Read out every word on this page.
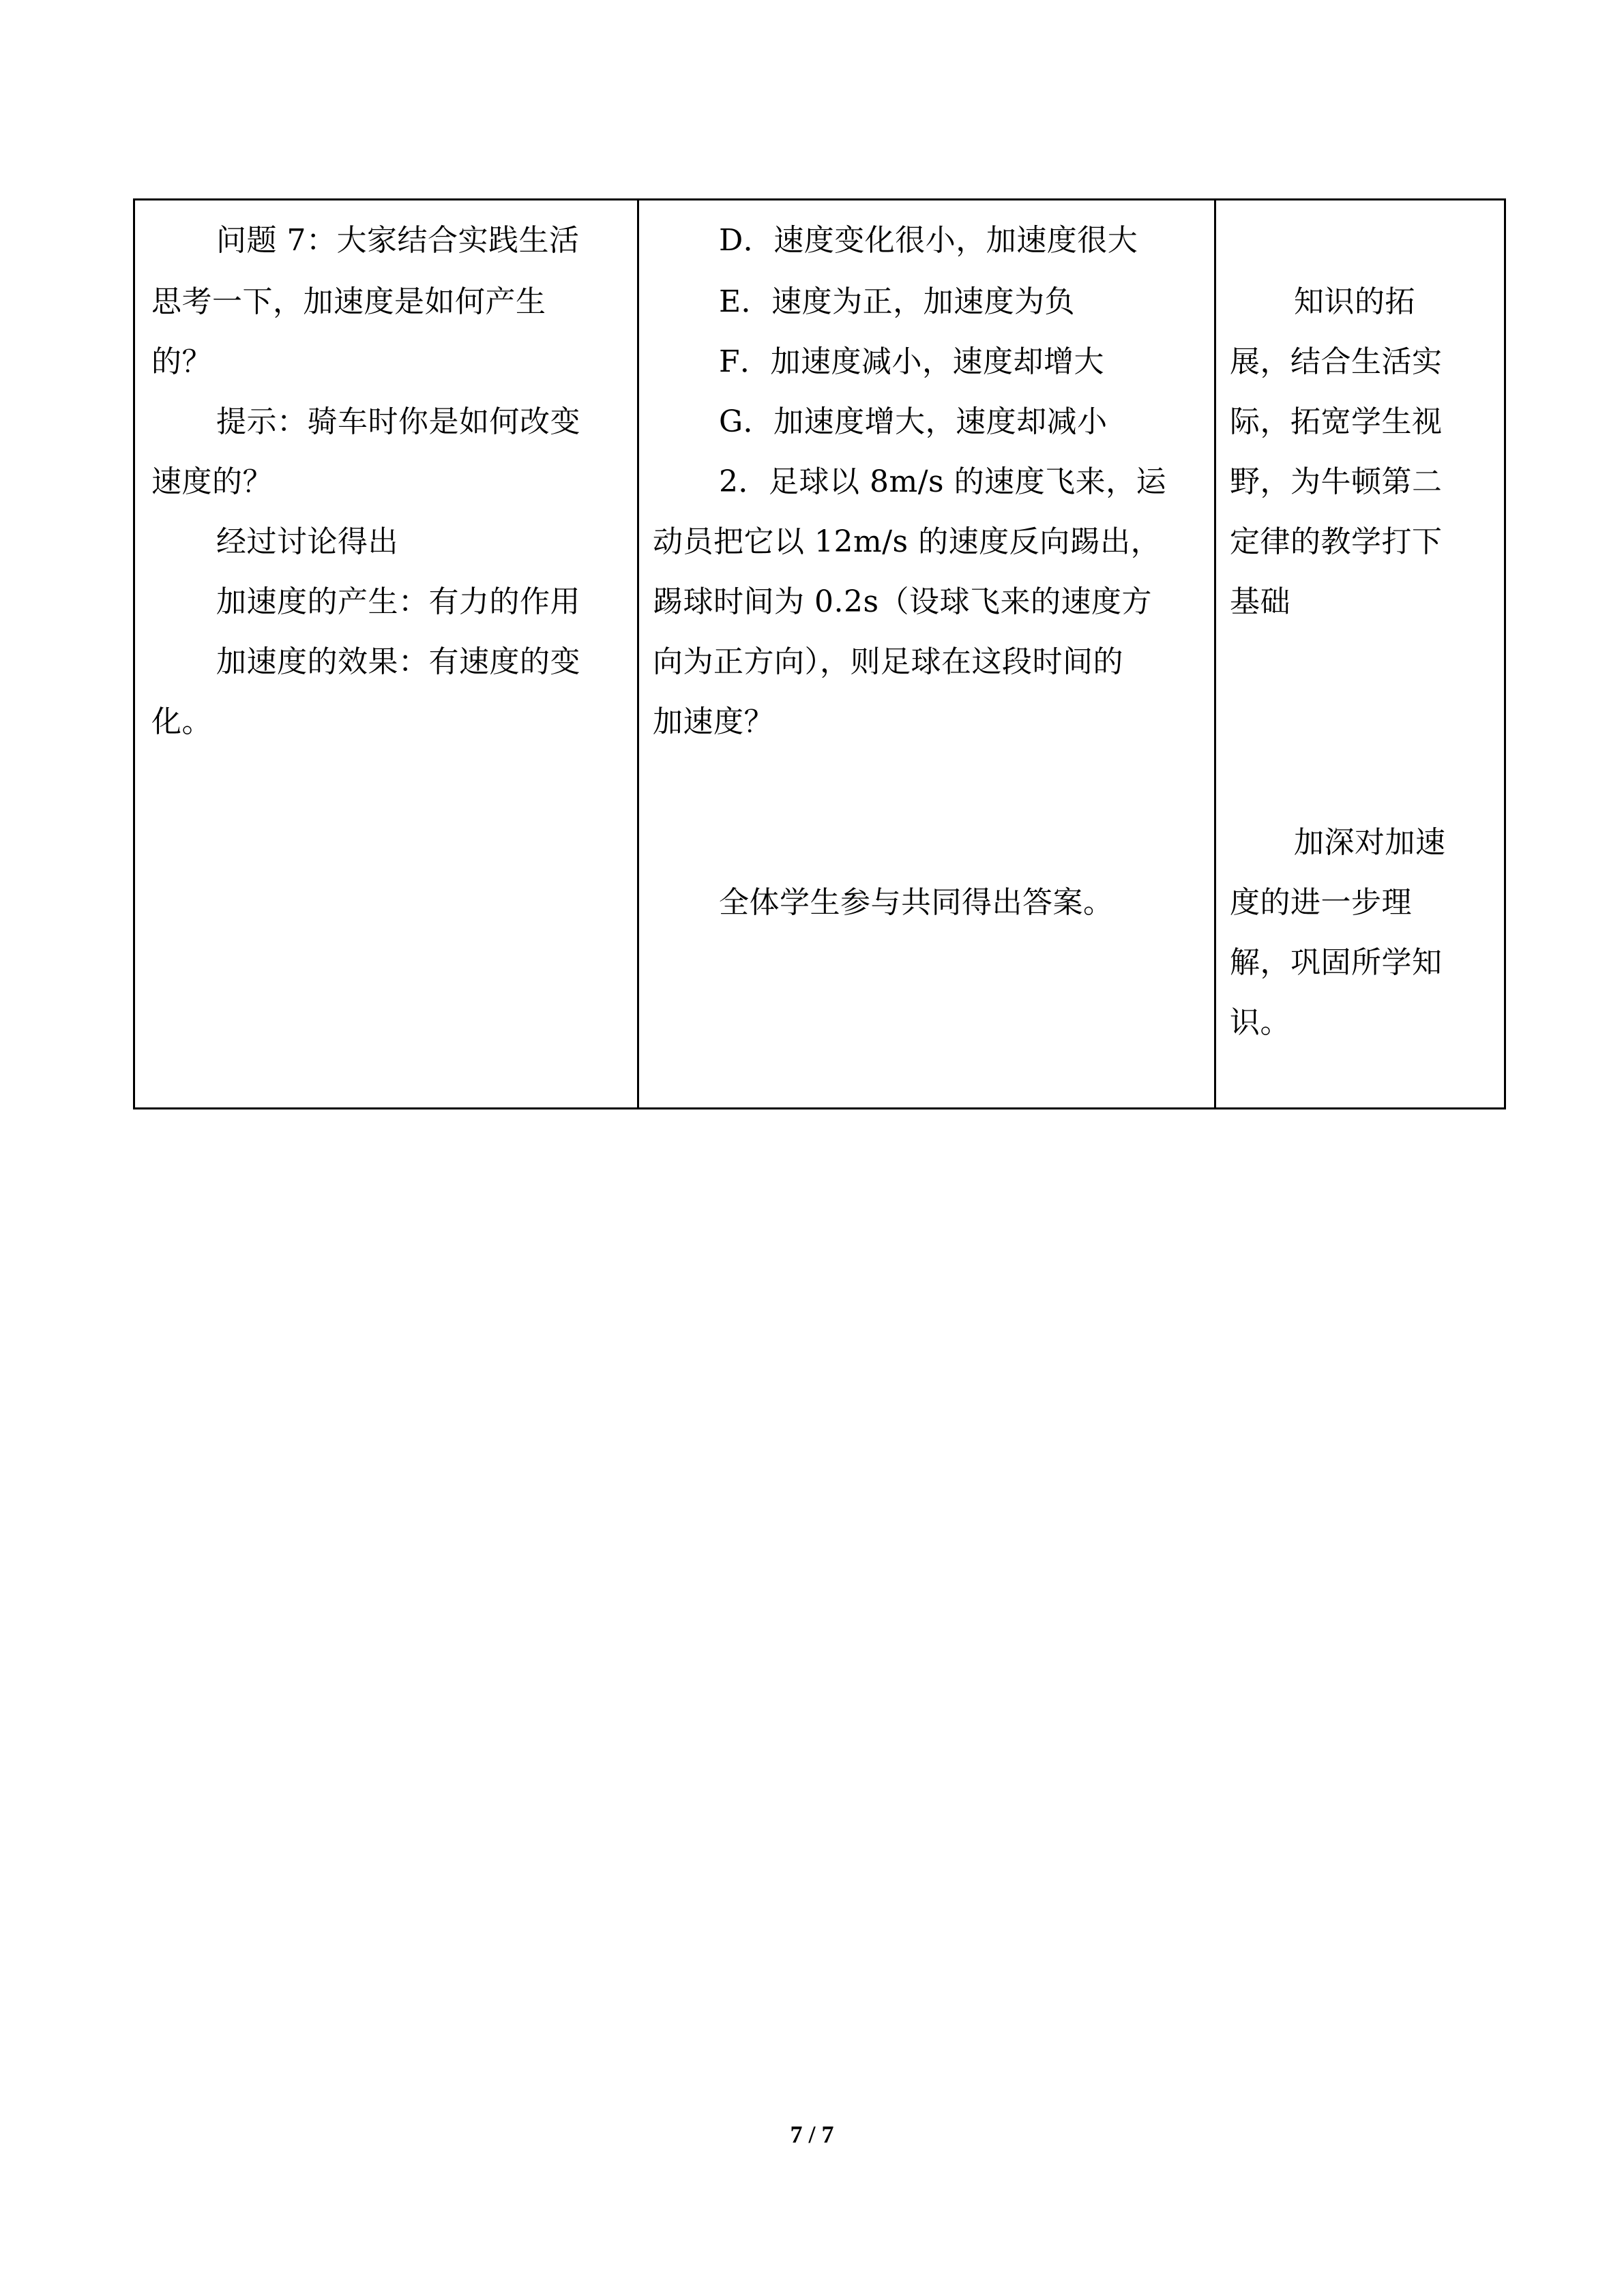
问题 7：大家结合实践生活
思考一下，加速度是如何产生
的？
提示：骑车时你是如何改变
速度的？
经过讨论得出
加速度的产生：有力的作用
加速度的效果：有速度的变
化。
D．速度变化很小，加速度很大
E．速度为正，加速度为负
F．加速度减小，速度却增大
G．加速度增大，速度却减小
2．足球以 8m/s 的速度飞来，运
动员把它以 12m/s 的速度反向踢出，
踢球时间为 0.2s（设球飞来的速度方
向为正方向），则足球在这段时间的
加速度？
全体学生参与共同得出答案。
知识的拓
展，结合生活实
际，拓宽学生视
野，为牛顿第二
定律的教学打下
基础
加深对加速
度的进一步理
解，巩固所学知
识。
7 / 7
